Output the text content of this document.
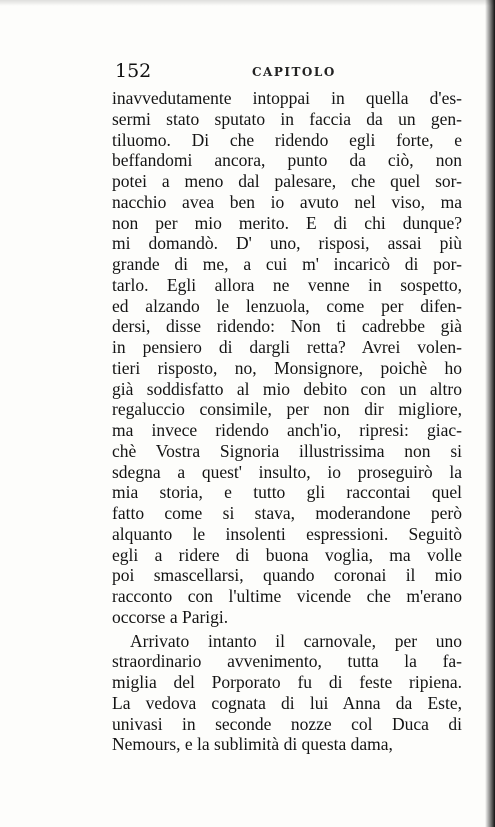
152	CAPITOLO
inavvedutamente intoppai in quella d'es-
sermi stato sputato in faccia da un gen-
tiluomo. Di che ridendo egli forte, e
beffandomi ancora, punto da ciò, non
potei a meno dal palesare, che quel sor-
nacchio avea ben io avuto nel viso, ma
non per mio merito. E di chi dunque?
mi domandò. D' uno, risposi, assai più
grande di me, a cui m' incaricò di por-
tarlo. Egli allora ne venne in sospetto,
ed alzando le lenzuola, come per difen-
dersi, disse ridendo: Non ti cadrebbe già
in pensiero di dargli retta? Avrei volen-
tieri risposto, no, Monsignore, poichè ho
già soddisfatto al mio debito con un altro
regaluccio consimile, per non dir migliore,
ma invece ridendo anch'io, ripresi: giac-
chè Vostra Signoria illustrissima non si
sdegna a quest' insulto, io proseguirò la
mia storia, e tutto gli raccontai quel
fatto come si stava, moderandone però
alquanto le insolenti espressioni. Seguitò
egli a ridere di buona voglia, ma volle
poi smascellarsi, quando coronai il mio
racconto con l'ultime vicende che m'erano
occorse a Parigi.
Arrivato intanto il carnovale, per uno
straordinario avvenimento, tutta la fa-
miglia del Porporato fu di feste ripiena.
La vedova cognata di lui Anna da Este,
univasi in seconde nozze col Duca di
Nemours, e la sublimità di questa dama,
